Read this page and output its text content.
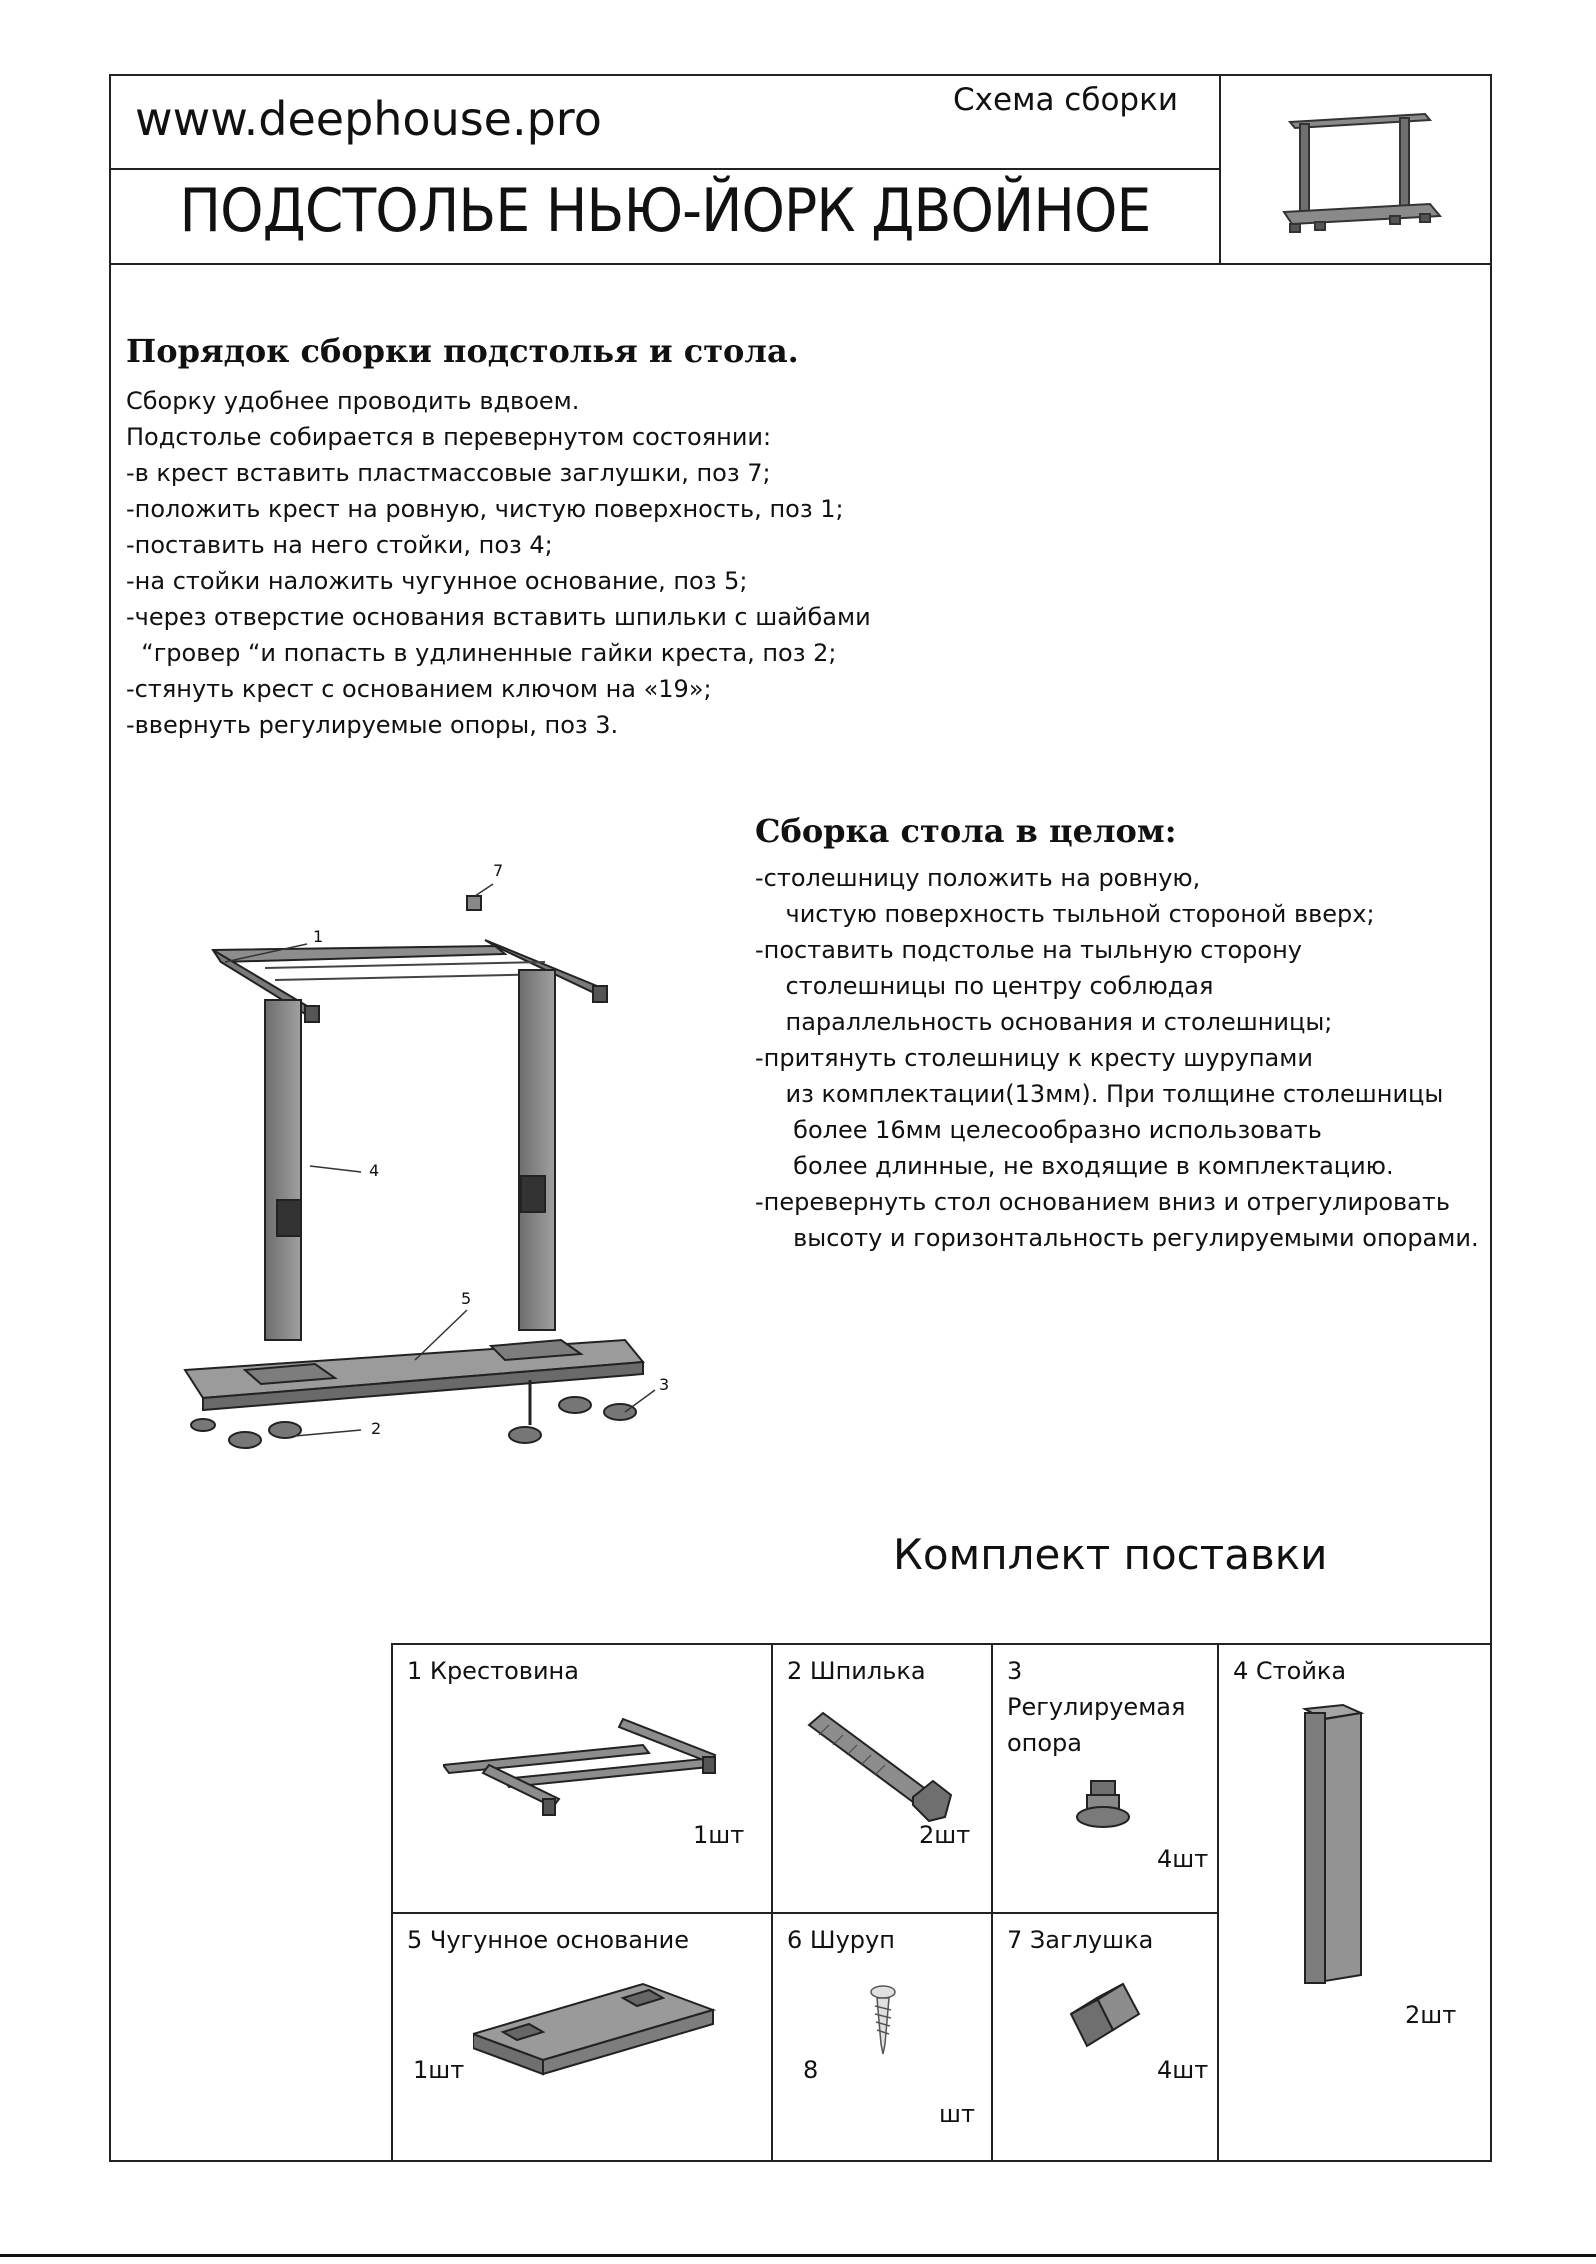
www.deephouse.pro	Схема сборки
ПОДСТОЛЬЕ НЬЮ-ЙОРК ДВОЙНОЕ
Порядок сборки подстолья и стола.
Сборку удобнее проводить вдвоем.
Подстолье собирается в перевернутом состоянии:
-в крест вставить пластмассовые заглушки, поз 7;
-положить крест на ровную, чистую поверхность, поз 1;
-поставить на него стойки, поз 4;
-на стойки наложить чугунное основание, поз 5;
-через отверстие основания вставить шпильки с шайбами
“гровер “и попасть в удлиненные гайки креста, поз 2;
-стянуть крест с основанием ключом на «19»;
-ввернуть регулируемые опоры, поз 3.
Сборка стола в целом:
-столешницу положить на ровную,
чистую поверхность тыльной стороной вверх;
-поставить подстолье на тыльную сторону
столешницы по центру соблюдая
параллельность основания и столешницы;
-притянуть столешницу к кресту шурупами
из комплектации(13мм). При толщине столешницы
более 16мм целесообразно использовать
более длинные, не входящие в комплектацию.
-перевернуть стол основанием вниз и отрегулировать
высоту и горизонтальность регулируемыми опорами.
1
4
5
2
3
7
Комплект поставки
1 Крестовина
1шт
2 Шпилька
2шт
3
Регулируемая
опора
4шт
4 Стойка
2шт
5 Чугунное основание
1шт
6 Шуруп
8
шт
7 Заглушка
4шт
